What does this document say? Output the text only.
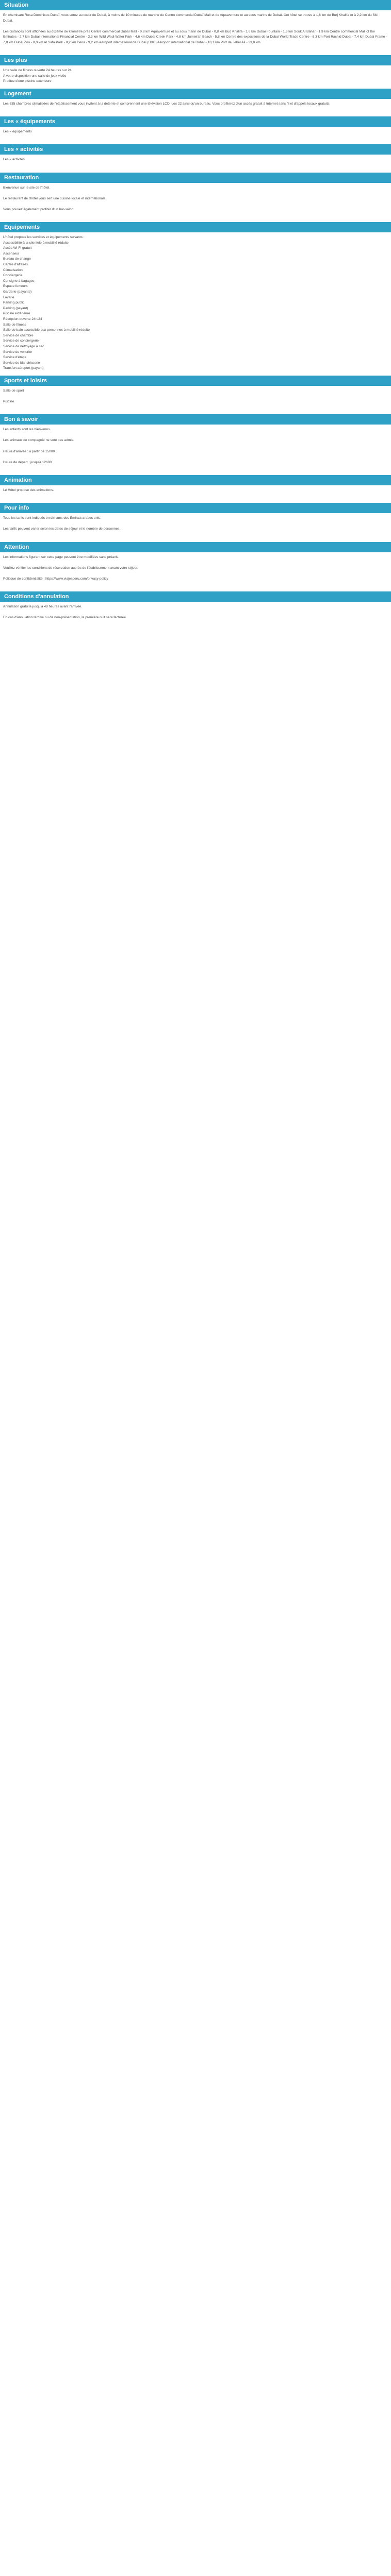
Situation

En chemisant Rosa Dominicus Dubaï, vous serez au cœur de Dubaï, à moins de 10 minutes de marche du Centre commercial Dubaï Mall et de Aquaventure et au sous marins de Dubaï. Cet hôtel se trouve à 1,6 km de Burj Khalifa et à 2,2 km du Ski Dubai.

Les distances sont affichées au dixième de kilomètre près Centre commercial Dubaï Mall - 0,8 km Aquaventure et au sous marin de Dubaï - 0,8 km Burj Khalifa - 1,6 km Dubai Fountain - 1,6 km Souk Al Bahar - 1,9 km Centre commercial Mall of the Emirates - 2,7 km Dubai International Financial Centre - 3,3 km Wild Wadi Water Park - 4,6 km Dubai Creek Park - 4,8 km Jumeirah Beach - 5,8 km Centre des expositions de la Dubai World Trade Centre - 6,3 km Port Rashid Dubai - 7,4 km Dubai Frame - 7,8 km Dubai Zoo - 8,0 km Al Safa Park - 8,2 km Deira - 9,2 km Aéroport international de Dubaï (DXB) Aéroport international de Dubaï - 18,1 km Port de Jebel Ali - 33,0 km

Les plus

Une salle de fitness ouverte 24 heures sur 24

A votre disposition une salle de jeux vidéo

Profitez d'une piscine extérieure

Logement

Les 635 chambres climatisées de l'établissement vous invitent à la détente et comprennent une télévision LCD. Les 22 ainsi qu'un bureau. Vous profiterez d'un accès gratuit à Internet sans fil et d'appels locaux gratuits.

Les « équipements

Les « équipements

Les « activités

Les « activités

Restauration

Bienvenue sur le site de l'hôtel.

Le restaurant de l'hôtel vous sert une cuisine locale et internationale.

Vous pouvez également profiter d'un bar-salon.

Equipements

L'hôtel propose les services et équipements suivants :

Accessibilité à la clientèle à mobilité réduite
Accès Wi-Fi gratuit
Ascenseur
Bureau de change
Centre d'affaires
Climatisation
Conciergerie
Consigne à bagages
Espace fumeurs
Garderie (payante)
Laverie
Parking public
Parking (payant)
Piscine extérieure
Réception ouverte 24h/24
Salle de fitness
Salle de bain accessible aux personnes à mobilité réduite
Service de chambre
Service de conciergerie
Service de nettoyage à sec
Service de voiturier
Service d'étage
Service de blanchisserie
Transfert aéroport (payant)
Sports et loisirs

Salle de sport

Piscine

Bon à savoir

Les enfants sont les bienvenus.

Les animaux de compagnie ne sont pas admis.

Heure d'arrivée : à partir de 15h00

Heure de départ : jusqu'à 12h00

Animation

Le Hôtel propose des animations.

Pour info

Tous les tarifs sont indiqués en dirhams des Émirats arabes unis.

Les tarifs peuvent varier selon les dates de séjour et le nombre de personnes.

Attention

Les informations figurant sur cette page peuvent être modifiées sans préavis.

Veuillez vérifier les conditions de réservation auprès de l'établissement avant votre séjour.

Politique de confidentialité : https://www.viajesperu.com/privacy-policy

Conditions d'annulation

Annulation gratuite jusqu'à 48 heures avant l'arrivée.

En cas d'annulation tardive ou de non-présentation, la première nuit sera facturée.
